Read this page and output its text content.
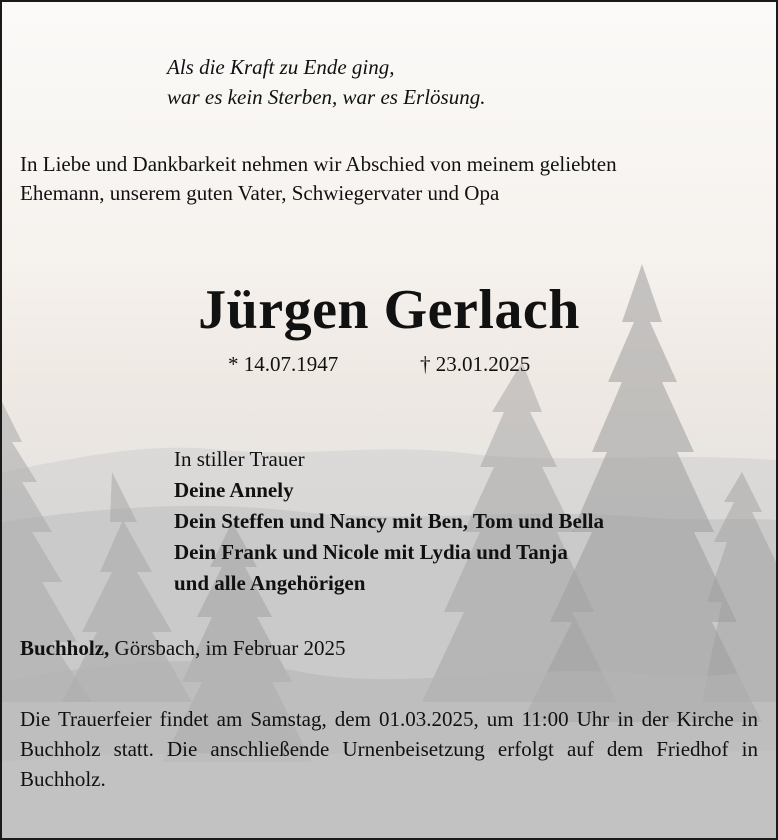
Als die Kraft zu Ende ging,
war es kein Sterben, war es Erlösung.
In Liebe und Dankbarkeit nehmen wir Abschied von meinem geliebten
Ehemann, unserem guten Vater, Schwiegervater und Opa
Jürgen Gerlach
* 14.07.1947	† 23.01.2025
In stiller Trauer
Deine Annely
Dein Steffen und Nancy mit Ben, Tom und Bella
Dein Frank und Nicole mit Lydia und Tanja
und alle Angehörigen
Buchholz, Görsbach, im Februar 2025
Die Trauerfeier findet am Samstag, dem 01.03.2025, um 11:00 Uhr in der Kirche in Buchholz statt. Die anschließende Urnenbeisetzung erfolgt auf dem Friedhof in Buchholz.
